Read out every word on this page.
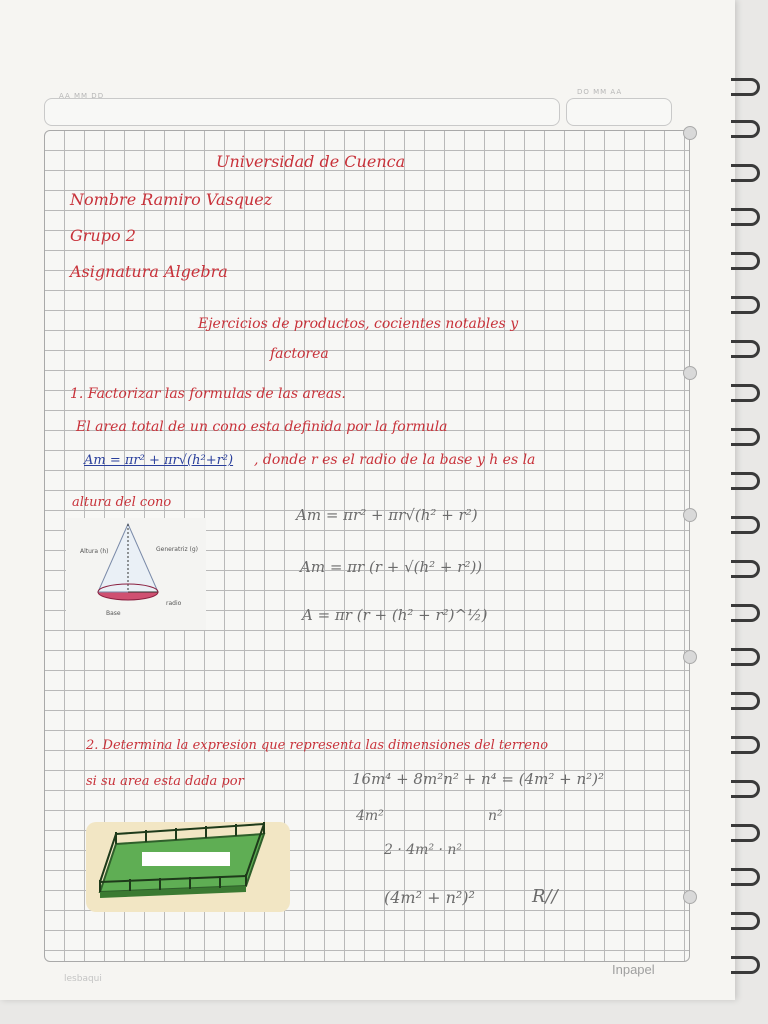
AA MM DD	DO MM AA
Universidad de Cuenca
Nombre Ramiro Vasquez
Grupo 2
Asignatura Algebra
Ejercicios de productos, cocientes notables y
factorea
1. Factorizar las formulas de las areas.
El area total de un cono esta definida por la formula
Aт = πr² + πr√(h²+r²) , donde r es el radio de la base y h es la
altura del cono
Altura (h)	Generatriz (g)
radio
Base
Aт = πr² + πr√(h² + r²)
Aт = πr (r + √(h² + r²))
A = πr (r + (h² + r²)^½)
2. Determina la expresion que representa las dimensiones del terreno
si su area esta dada por	16m⁴ + 8m²n² + n⁴ = (4m² + n²)²
4m²	n²
2 · 4m² · n²
(4m² + n²)²	R//
lesbaqui
Inpapel
